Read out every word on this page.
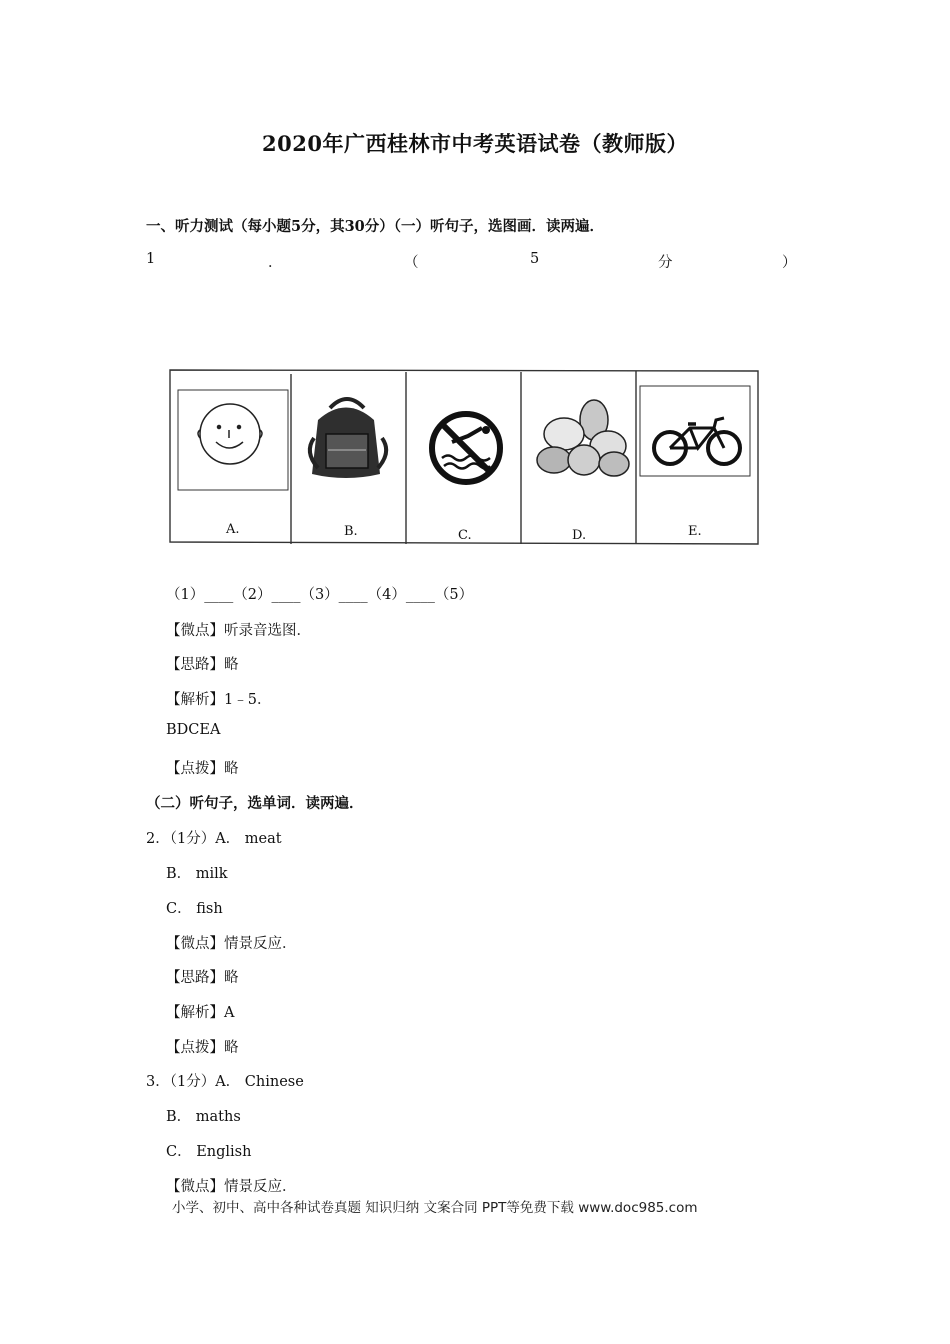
2020年广西桂林市中考英语试卷（教师版）
一、听力测试（每小题5分，其30分）（一）听句子，选图画．读两遍．
1	．	（	5	分	）
A.	B.	C.	D.	E.
（1）____（2）____（3）____（4）____（5）
【微点】听录音选图．
【思路】略
【解析】1﹣5．
BDCEA
【点拨】略
（二）听句子，选单词．读两遍．
2．（1分）A． meat
B． milk
C． fish
【微点】情景反应．
【思路】略
【解析】A
【点拨】略
3．（1分）A． Chinese
B． maths
C． English
【微点】情景反应．
小学、初中、高中各种试卷真题 知识归纳 文案合同 PPT等免费下载 www.doc985.com
